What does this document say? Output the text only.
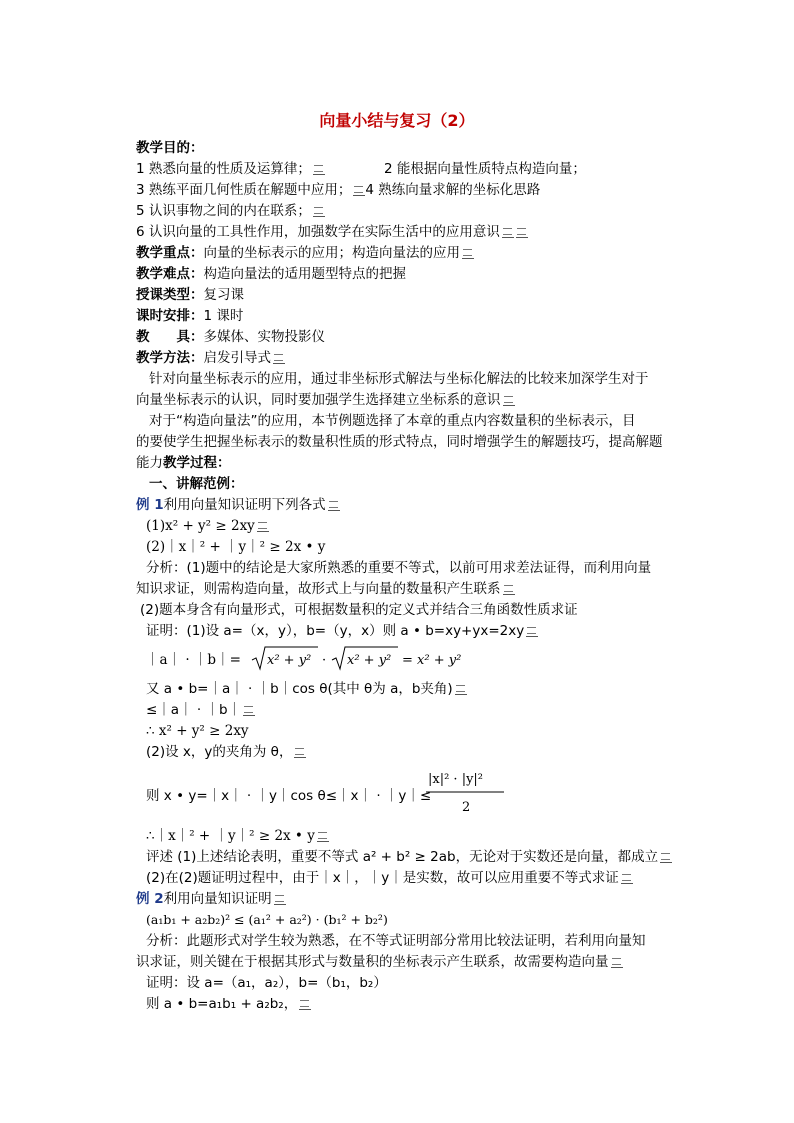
向量小结与复习（2）
教学目的：
1 熟悉向量的性质及运算律；	2 能根据向量性质特点构造向量；
3 熟练平面几何性质在解题中应用； 4 熟练向量求解的坐标化思路
5 认识事物之间的内在联系；
6 认识向量的工具性作用，加强数学在实际生活中的应用意识
教学重点：向量的坐标表示的应用；构造向量法的应用
教学难点：构造向量法的适用题型特点的把握
授课类型：复习课
课时安排：1 课时
教　　具：多媒体、实物投影仪
教学方法：启发引导式
针对向量坐标表示的应用，通过非坐标形式解法与坐标化解法的比较来加深学生对于
向量坐标表示的认识，同时要加强学生选择建立坐标系的意识
对于“构造向量法”的应用，本节例题选择了本章的重点内容数量积的坐标表示，目
的要使学生把握坐标表示的数量积性质的形式特点，同时增强学生的解题技巧，提高解题
能力教学过程：
一、讲解范例：
例 1利用向量知识证明下列各式
(1)x² + y² ≥ 2xy
(2)｜x｜² + ｜y｜² ≥ 2x • y
分析：(1)题中的结论是大家所熟悉的重要不等式，以前可用求差法证得，而利用向量
知识求证，则需构造向量，故形式上与向量的数量积产生联系
(2)题本身含有向量形式，可根据数量积的定义式并结合三角函数性质求证
证明：(1)设 a=（x，y），b=（y，x）则 a • b=xy+yx=2xy
｜a｜ · ｜b｜= x² + y² · x² + y² = x² + y²
又 a • b=｜a｜ · ｜b｜cos θ(其中 θ为 a，b夹角)
≤｜a｜ · ｜b｜
∴ x² + y² ≥ 2xy
(2)设 x，y的夹角为 θ，
则 x • y=｜x｜ · ｜y｜cos θ≤｜x｜ · ｜y｜≤
|x|² · |y|²
2
∴｜x｜² + ｜y｜² ≥ 2x • y
评述 (1)上述结论表明，重要不等式 a² + b² ≥ 2ab，无论对于实数还是向量，都成立
(2)在(2)题证明过程中，由于｜x｜，｜y｜是实数，故可以应用重要不等式求证
例 2利用向量知识证明
(a₁b₁ + a₂b₂)² ≤ (a₁² + a₂²) · (b₁² + b₂²)
分析：此题形式对学生较为熟悉，在不等式证明部分常用比较法证明，若利用向量知
识求证，则关键在于根据其形式与数量积的坐标表示产生联系，故需要构造向量
证明：设 a=（a₁，a₂），b=（b₁，b₂）
则 a • b=a₁b₁ + a₂b₂，
